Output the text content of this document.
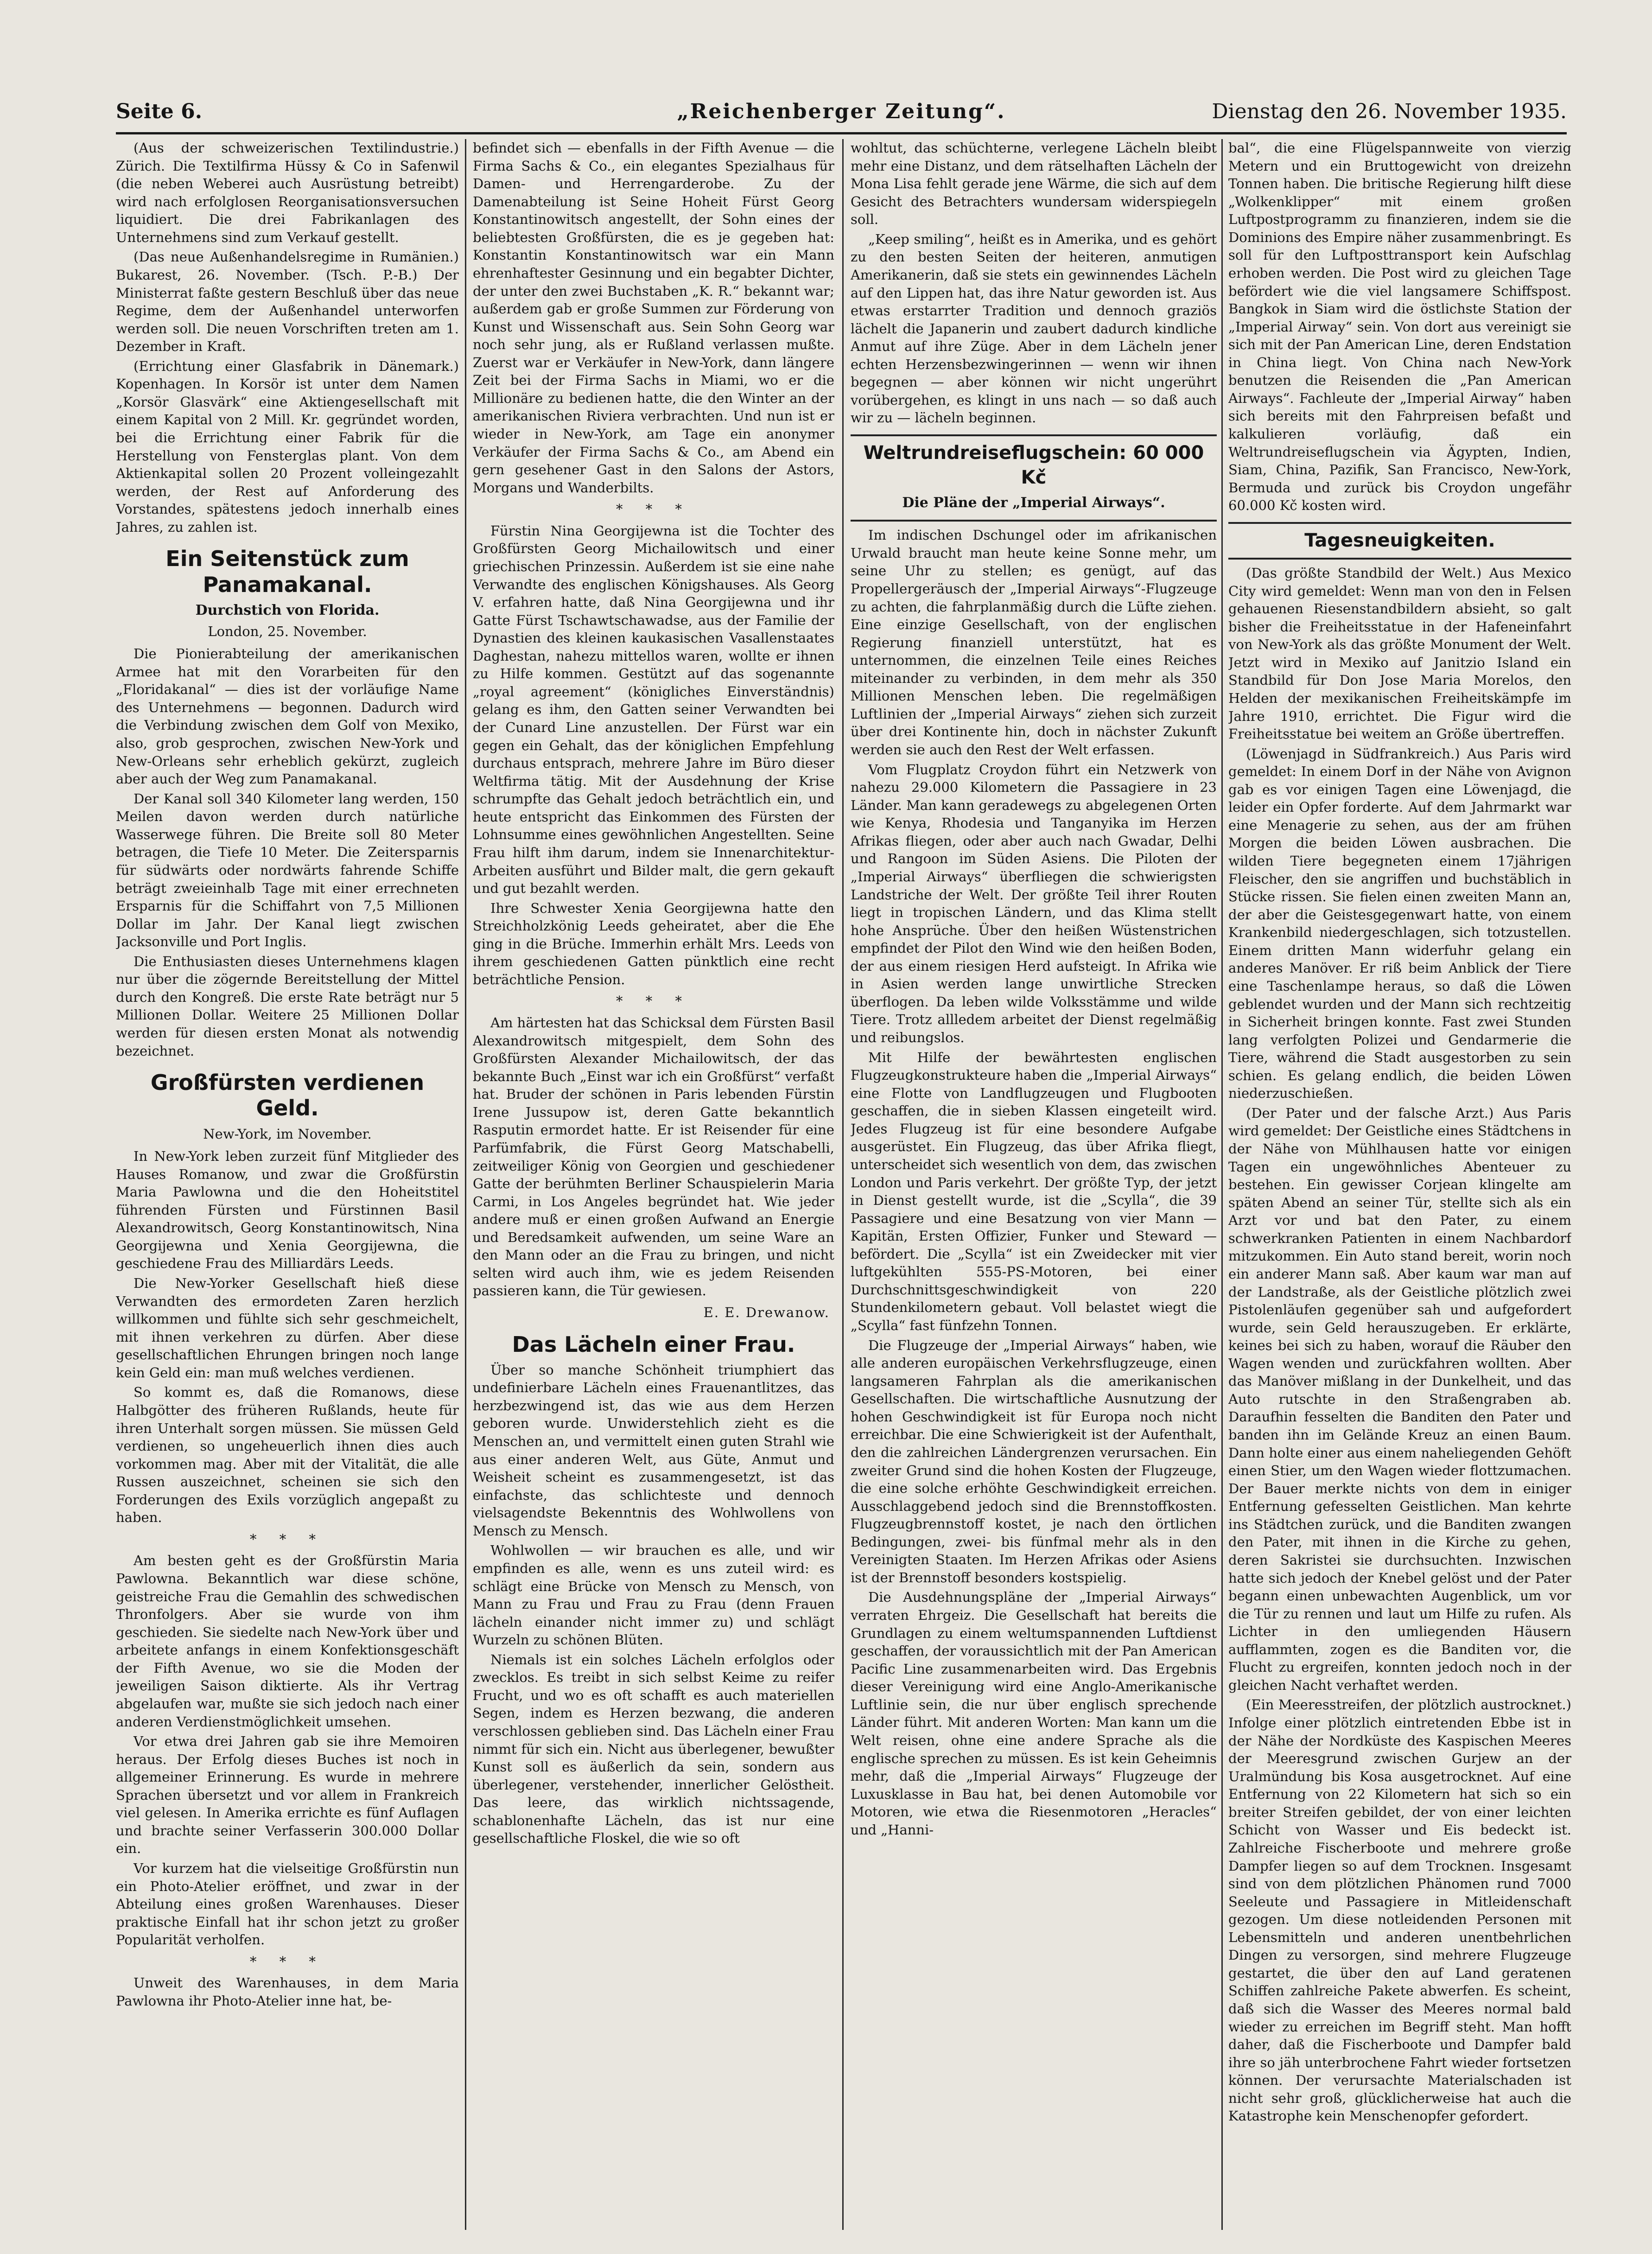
Seite 6.	„Reichenberger Zeitung“.	Dienstag den 26. November 1935.

(Aus der schweizerischen Textilindustrie.) Zürich. Die Textilfirma Hüssy & Co in Safenwil (die neben Weberei auch Ausrüstung betreibt) wird nach erfolglosen Reorganisationsversuchen liquidiert. Die drei Fabrikanlagen des Unternehmens sind zum Verkauf gestellt.

(Das neue Außenhandelsregime in Rumänien.) Bukarest, 26. November. (Tsch. P.-B.) Der Ministerrat faßte gestern Beschluß über das neue Regime, dem der Außenhandel unterworfen werden soll. Die neuen Vorschriften treten am 1. Dezember in Kraft.

(Errichtung einer Glasfabrik in Dänemark.) Kopenhagen. In Korsör ist unter dem Namen „Korsör Glasvärk“ eine Aktiengesellschaft mit einem Kapital von 2 Mill. Kr. gegründet worden, bei die Errichtung einer Fabrik für die Herstellung von Fensterglas plant. Von dem Aktienkapital sollen 20 Prozent volleingezahlt werden, der Rest auf Anforderung des Vorstandes, spätestens jedoch innerhalb eines Jahres, zu zahlen ist.

Ein Seitenstück zum Panamakanal.
Durchstich von Florida.
London, 25. November.

Die Pionierabteilung der amerikanischen Armee hat mit den Vorarbeiten für den „Floridakanal“ — dies ist der vorläufige Name des Unternehmens — begonnen. Dadurch wird die Verbindung zwischen dem Golf von Mexiko, also, grob gesprochen, zwischen New-York und New-Orleans sehr erheblich gekürzt, zugleich aber auch der Weg zum Panamakanal.

Der Kanal soll 340 Kilometer lang werden, 150 Meilen davon werden durch natürliche Wasserwege führen. Die Breite soll 80 Meter betragen, die Tiefe 10 Meter. Die Zeitersparnis für südwärts oder nordwärts fahrende Schiffe beträgt zweieinhalb Tage mit einer errechneten Ersparnis für die Schiffahrt von 7,5 Millionen Dollar im Jahr. Der Kanal liegt zwischen Jacksonville und Port Inglis.

Die Enthusiasten dieses Unternehmens klagen nur über die zögernde Bereitstellung der Mittel durch den Kongreß. Die erste Rate beträgt nur 5 Millionen Dollar. Weitere 25 Millionen Dollar werden für diesen ersten Monat als notwendig bezeichnet.

Großfürsten verdienen Geld.
New-York, im November.

In New-York leben zurzeit fünf Mitglieder des Hauses Romanow, und zwar die Großfürstin Maria Pawlowna und die den Hoheitstitel führenden Fürsten und Fürstinnen Basil Alexandrowitsch, Georg Konstantinowitsch, Nina Georgijewna und Xenia Georgijewna, die geschiedene Frau des Milliardärs Leeds.

Die New-Yorker Gesellschaft hieß diese Verwandten des ermordeten Zaren herzlich willkommen und fühlte sich sehr geschmeichelt, mit ihnen verkehren zu dürfen. Aber diese gesellschaftlichen Ehrungen bringen noch lange kein Geld ein: man muß welches verdienen.

So kommt es, daß die Romanows, diese Halbgötter des früheren Rußlands, heute für ihren Unterhalt sorgen müssen. Sie müssen Geld verdienen, so ungeheuerlich ihnen dies auch vorkommen mag. Aber mit der Vitalität, die alle Russen auszeichnet, scheinen sie sich den Forderungen des Exils vorzüglich angepaßt zu haben.

* * *

Am besten geht es der Großfürstin Maria Pawlowna. Bekanntlich war diese schöne, geistreiche Frau die Gemahlin des schwedischen Thronfolgers. Aber sie wurde von ihm geschieden. Sie siedelte nach New-York über und arbeitete anfangs in einem Konfektionsgeschäft der Fifth Avenue, wo sie die Moden der jeweiligen Saison diktierte. Als ihr Vertrag abgelaufen war, mußte sie sich jedoch nach einer anderen Verdienstmöglichkeit umsehen.

Vor etwa drei Jahren gab sie ihre Memoiren heraus. Der Erfolg dieses Buches ist noch in allgemeiner Erinnerung. Es wurde in mehrere Sprachen übersetzt und vor allem in Frankreich viel gelesen. In Amerika errichte es fünf Auflagen und brachte seiner Verfasserin 300.000 Dollar ein.

Vor kurzem hat die vielseitige Großfürstin nun ein Photo-Atelier eröffnet, und zwar in der Abteilung eines großen Warenhauses. Dieser praktische Einfall hat ihr schon jetzt zu großer Popularität verholfen.

* * *

Unweit des Warenhauses, in dem Maria Pawlowna ihr Photo-Atelier inne hat, be-

befindet sich — ebenfalls in der Fifth Avenue — die Firma Sachs & Co., ein elegantes Spezialhaus für Damen- und Herrengarderobe. Zu der Damenabteilung ist Seine Hoheit Fürst Georg Konstantinowitsch angestellt, der Sohn eines der beliebtesten Großfürsten, die es je gegeben hat: Konstantin Konstantinowitsch war ein Mann ehrenhaftester Gesinnung und ein begabter Dichter, der unter den zwei Buchstaben „K. R.“ bekannt war; außerdem gab er große Summen zur Förderung von Kunst und Wissenschaft aus. Sein Sohn Georg war noch sehr jung, als er Rußland verlassen mußte. Zuerst war er Verkäufer in New-York, dann längere Zeit bei der Firma Sachs in Miami, wo er die Millionäre zu bedienen hatte, die den Winter an der amerikanischen Riviera verbrachten. Und nun ist er wieder in New-York, am Tage ein anonymer Verkäufer der Firma Sachs & Co., am Abend ein gern gesehener Gast in den Salons der Astors, Morgans und Wanderbilts.

* * *

Fürstin Nina Georgijewna ist die Tochter des Großfürsten Georg Michailowitsch und einer griechischen Prinzessin. Außerdem ist sie eine nahe Verwandte des englischen Königshauses. Als Georg V. erfahren hatte, daß Nina Georgijewna und ihr Gatte Fürst Tschawtschawadse, aus der Familie der Dynastien des kleinen kaukasischen Vasallenstaates Daghestan, nahezu mittellos waren, wollte er ihnen zu Hilfe kommen. Gestützt auf das sogenannte „royal agreement“ (königliches Einverständnis) gelang es ihm, den Gatten seiner Verwandten bei der Cunard Line anzustellen. Der Fürst war ein gegen ein Gehalt, das der königlichen Empfehlung durchaus entsprach, mehrere Jahre im Büro dieser Weltfirma tätig. Mit der Ausdehnung der Krise schrumpfte das Gehalt jedoch beträchtlich ein, und heute entspricht das Einkommen des Fürsten der Lohnsumme eines gewöhnlichen Angestellten. Seine Frau hilft ihm darum, indem sie Innenarchitektur-Arbeiten ausführt und Bilder malt, die gern gekauft und gut bezahlt werden.

Ihre Schwester Xenia Georgijewna hatte den Streichholzkönig Leeds geheiratet, aber die Ehe ging in die Brüche. Immerhin erhält Mrs. Leeds von ihrem geschiedenen Gatten pünktlich eine recht beträchtliche Pension.

* * *

Am härtesten hat das Schicksal dem Fürsten Basil Alexandrowitsch mitgespielt, dem Sohn des Großfürsten Alexander Michailowitsch, der das bekannte Buch „Einst war ich ein Großfürst“ verfaßt hat. Bruder der schönen in Paris lebenden Fürstin Irene Jussupow ist, deren Gatte bekanntlich Rasputin ermordet hatte. Er ist Reisender für eine Parfümfabrik, die Fürst Georg Matschabelli, zeitweiliger König von Georgien und geschiedener Gatte der berühmten Berliner Schauspielerin Maria Carmi, in Los Angeles begründet hat. Wie jeder andere muß er einen großen Aufwand an Energie und Beredsamkeit aufwenden, um seine Ware an den Mann oder an die Frau zu bringen, und nicht selten wird auch ihm, wie es jedem Reisenden passieren kann, die Tür gewiesen.

E. E. Drewanow.
Das Lächeln einer Frau.

Über so manche Schönheit triumphiert das undefinierbare Lächeln eines Frauenantlitzes, das herzbezwingend ist, das wie aus dem Herzen geboren wurde. Unwiderstehlich zieht es die Menschen an, und vermittelt einen guten Strahl wie aus einer anderen Welt, aus Güte, Anmut und Weisheit scheint es zusammengesetzt, ist das einfachste, das schlichteste und dennoch vielsagendste Bekenntnis des Wohlwollens von Mensch zu Mensch.

Wohlwollen — wir brauchen es alle, und wir empfinden es alle, wenn es uns zuteil wird: es schlägt eine Brücke von Mensch zu Mensch, von Mann zu Frau und Frau zu Frau (denn Frauen lächeln einander nicht immer zu) und schlägt Wurzeln zu schönen Blüten.

Niemals ist ein solches Lächeln erfolglos oder zwecklos. Es treibt in sich selbst Keime zu reifer Frucht, und wo es oft schafft es auch materiellen Segen, indem es Herzen bezwang, die anderen verschlossen geblieben sind. Das Lächeln einer Frau nimmt für sich ein. Nicht aus überlegener, bewußter Kunst soll es äußerlich da sein, sondern aus überlegener, verstehender, innerlicher Gelöstheit. Das leere, das wirklich nichtssagende, schablonenhafte Lächeln, das ist nur eine gesellschaftliche Floskel, die wie so oft

wohltut, das schüchterne, verlegene Lächeln bleibt mehr eine Distanz, und dem rätselhaften Lächeln der Mona Lisa fehlt gerade jene Wärme, die sich auf dem Gesicht des Betrachters wundersam widerspiegeln soll.

„Keep smiling“, heißt es in Amerika, und es gehört zu den besten Seiten der heiteren, anmutigen Amerikanerin, daß sie stets ein gewinnendes Lächeln auf den Lippen hat, das ihre Natur geworden ist. Aus etwas erstarrter Tradition und dennoch graziös lächelt die Japanerin und zaubert dadurch kindliche Anmut auf ihre Züge. Aber in dem Lächeln jener echten Herzensbezwingerinnen — wenn wir ihnen begegnen — aber können wir nicht ungerührt vorübergehen, es klingt in uns nach — so daß auch wir zu — lächeln beginnen.

Weltrundreiseflugschein: 60 000 Kč
Die Pläne der „Imperial Airways“.

Im indischen Dschungel oder im afrikanischen Urwald braucht man heute keine Sonne mehr, um seine Uhr zu stellen; es genügt, auf das Propellergeräusch der „Imperial Airways“-Flugzeuge zu achten, die fahrplanmäßig durch die Lüfte ziehen. Eine einzige Gesellschaft, von der englischen Regierung finanziell unterstützt, hat es unternommen, die einzelnen Teile eines Reiches miteinander zu verbinden, in dem mehr als 350 Millionen Menschen leben. Die regelmäßigen Luftlinien der „Imperial Airways“ ziehen sich zurzeit über drei Kontinente hin, doch in nächster Zukunft werden sie auch den Rest der Welt erfassen.

Vom Flugplatz Croydon führt ein Netzwerk von nahezu 29.000 Kilometern die Passagiere in 23 Länder. Man kann geradewegs zu abgelegenen Orten wie Kenya, Rhodesia und Tanganyika im Herzen Afrikas fliegen, oder aber auch nach Gwadar, Delhi und Rangoon im Süden Asiens. Die Piloten der „Imperial Airways“ überfliegen die schwierigsten Landstriche der Welt. Der größte Teil ihrer Routen liegt in tropischen Ländern, und das Klima stellt hohe Ansprüche. Über den heißen Wüstenstrichen empfindet der Pilot den Wind wie den heißen Boden, der aus einem riesigen Herd aufsteigt. In Afrika wie in Asien werden lange unwirtliche Strecken überflogen. Da leben wilde Volksstämme und wilde Tiere. Trotz allledem arbeitet der Dienst regelmäßig und reibungslos.

Mit Hilfe der bewährtesten englischen Flugzeugkonstrukteure haben die „Imperial Airways“ eine Flotte von Landflugzeugen und Flugbooten geschaffen, die in sieben Klassen eingeteilt wird. Jedes Flugzeug ist für eine besondere Aufgabe ausgerüstet. Ein Flugzeug, das über Afrika fliegt, unterscheidet sich wesentlich von dem, das zwischen London und Paris verkehrt. Der größte Typ, der jetzt in Dienst gestellt wurde, ist die „Scylla“, die 39 Passagiere und eine Besatzung von vier Mann — Kapitän, Ersten Offizier, Funker und Steward — befördert. Die „Scylla“ ist ein Zweidecker mit vier luftgekühlten 555-PS-Motoren, bei einer Durchschnittsgeschwindigkeit von 220 Stundenkilometern gebaut. Voll belastet wiegt die „Scylla“ fast fünfzehn Tonnen.

Die Flugzeuge der „Imperial Airways“ haben, wie alle anderen europäischen Verkehrsflugzeuge, einen langsameren Fahrplan als die amerikanischen Gesellschaften. Die wirtschaftliche Ausnutzung der hohen Geschwindigkeit ist für Europa noch nicht erreichbar. Die eine Schwierigkeit ist der Aufenthalt, den die zahlreichen Ländergrenzen verursachen. Ein zweiter Grund sind die hohen Kosten der Flugzeuge, die eine solche erhöhte Geschwindigkeit erreichen. Ausschlaggebend jedoch sind die Brennstoffkosten. Flugzeugbrennstoff kostet, je nach den örtlichen Bedingungen, zwei- bis fünfmal mehr als in den Vereinigten Staaten. Im Herzen Afrikas oder Asiens ist der Brennstoff besonders kostspielig.

Die Ausdehnungspläne der „Imperial Airways“ verraten Ehrgeiz. Die Gesellschaft hat bereits die Grundlagen zu einem weltumspannenden Luftdienst geschaffen, der voraussichtlich mit der Pan American Pacific Line zusammenarbeiten wird. Das Ergebnis dieser Vereinigung wird eine Anglo-Amerikanische Luftlinie sein, die nur über englisch sprechende Länder führt. Mit anderen Worten: Man kann um die Welt reisen, ohne eine andere Sprache als die englische sprechen zu müssen. Es ist kein Geheimnis mehr, daß die „Imperial Airways“ Flugzeuge der Luxusklasse in Bau hat, bei denen Automobile vor Motoren, wie etwa die Riesenmotoren „Heracles“ und „Hanni-

bal“, die eine Flügelspannweite von vierzig Metern und ein Bruttogewicht von dreizehn Tonnen haben. Die britische Regierung hilft diese „Wolkenklipper“ mit einem großen Luftpostprogramm zu finanzieren, indem sie die Dominions des Empire näher zusammenbringt. Es soll für den Luftposttransport kein Aufschlag erhoben werden. Die Post wird zu gleichen Tage befördert wie die viel langsamere Schiffspost. Bangkok in Siam wird die östlichste Station der „Imperial Airway“ sein. Von dort aus vereinigt sie sich mit der Pan American Line, deren Endstation in China liegt. Von China nach New-York benutzen die Reisenden die „Pan American Airways“. Fachleute der „Imperial Airway“ haben sich bereits mit den Fahrpreisen befaßt und kalkulieren vorläufig, daß ein Weltrundreiseflugschein via Ägypten, Indien, Siam, China, Pazifik, San Francisco, New-York, Bermuda und zurück bis Croydon ungefähr 60.000 Kč kosten wird.

Tagesneuigkeiten.

(Das größte Standbild der Welt.) Aus Mexico City wird gemeldet: Wenn man von den in Felsen gehauenen Riesenstandbildern absieht, so galt bisher die Freiheitsstatue in der Hafeneinfahrt von New-York als das größte Monument der Welt. Jetzt wird in Mexiko auf Janitzio Island ein Standbild für Don Jose Maria Morelos, den Helden der mexikanischen Freiheitskämpfe im Jahre 1910, errichtet. Die Figur wird die Freiheitsstatue bei weitem an Größe übertreffen.

(Löwenjagd in Südfrankreich.) Aus Paris wird gemeldet: In einem Dorf in der Nähe von Avignon gab es vor einigen Tagen eine Löwenjagd, die leider ein Opfer forderte. Auf dem Jahrmarkt war eine Menagerie zu sehen, aus der am frühen Morgen die beiden Löwen ausbrachen. Die wilden Tiere begegneten einem 17jährigen Fleischer, den sie angriffen und buchstäblich in Stücke rissen. Sie fielen einen zweiten Mann an, der aber die Geistesgegenwart hatte, von einem Krankenbild niedergeschlagen, sich totzustellen. Einem dritten Mann widerfuhr gelang ein anderes Manöver. Er riß beim Anblick der Tiere eine Taschenlampe heraus, so daß die Löwen geblendet wurden und der Mann sich rechtzeitig in Sicherheit bringen konnte. Fast zwei Stunden lang verfolgten Polizei und Gendarmerie die Tiere, während die Stadt ausgestorben zu sein schien. Es gelang endlich, die beiden Löwen niederzuschießen.

(Der Pater und der falsche Arzt.) Aus Paris wird gemeldet: Der Geistliche eines Städtchens in der Nähe von Mühlhausen hatte vor einigen Tagen ein ungewöhnliches Abenteuer zu bestehen. Ein gewisser Corjean klingelte am späten Abend an seiner Tür, stellte sich als ein Arzt vor und bat den Pater, zu einem schwerkranken Patienten in einem Nachbardorf mitzukommen. Ein Auto stand bereit, worin noch ein anderer Mann saß. Aber kaum war man auf der Landstraße, als der Geistliche plötzlich zwei Pistolenläufen gegenüber sah und aufgefordert wurde, sein Geld herauszugeben. Er erklärte, keines bei sich zu haben, worauf die Räuber den Wagen wenden und zurückfahren wollten. Aber das Manöver mißlang in der Dunkelheit, und das Auto rutschte in den Straßengraben ab. Daraufhin fesselten die Banditen den Pater und banden ihn im Gelände Kreuz an einen Baum. Dann holte einer aus einem naheliegenden Gehöft einen Stier, um den Wagen wieder flottzumachen. Der Bauer merkte nichts von dem in einiger Entfernung gefesselten Geistlichen. Man kehrte ins Städtchen zurück, und die Banditen zwangen den Pater, mit ihnen in die Kirche zu gehen, deren Sakristei sie durchsuchten. Inzwischen hatte sich jedoch der Knebel gelöst und der Pater begann einen unbewachten Augenblick, um vor die Tür zu rennen und laut um Hilfe zu rufen. Als Lichter in den umliegenden Häusern aufflammten, zogen es die Banditen vor, die Flucht zu ergreifen, konnten jedoch noch in der gleichen Nacht verhaftet werden.

(Ein Meeresstreifen, der plötzlich austrocknet.) Infolge einer plötzlich eintretenden Ebbe ist in der Nähe der Nordküste des Kaspischen Meeres der Meeresgrund zwischen Gurjew an der Uralmündung bis Kosa ausgetrocknet. Auf eine Entfernung von 22 Kilometern hat sich so ein breiter Streifen gebildet, der von einer leichten Schicht von Wasser und Eis bedeckt ist. Zahlreiche Fischerboote und mehrere große Dampfer liegen so auf dem Trocknen. Insgesamt sind von dem plötzlichen Phänomen rund 7000 Seeleute und Passagiere in Mitleidenschaft gezogen. Um diese notleidenden Personen mit Lebensmitteln und anderen unentbehrlichen Dingen zu versorgen, sind mehrere Flugzeuge gestartet, die über den auf Land geratenen Schiffen zahlreiche Pakete abwerfen. Es scheint, daß sich die Wasser des Meeres normal bald wieder zu erreichen im Begriff steht. Man hofft daher, daß die Fischerboote und Dampfer bald ihre so jäh unterbrochene Fahrt wieder fortsetzen können. Der verursachte Materialschaden ist nicht sehr groß, glücklicherweise hat auch die Katastrophe kein Menschenopfer gefordert.
